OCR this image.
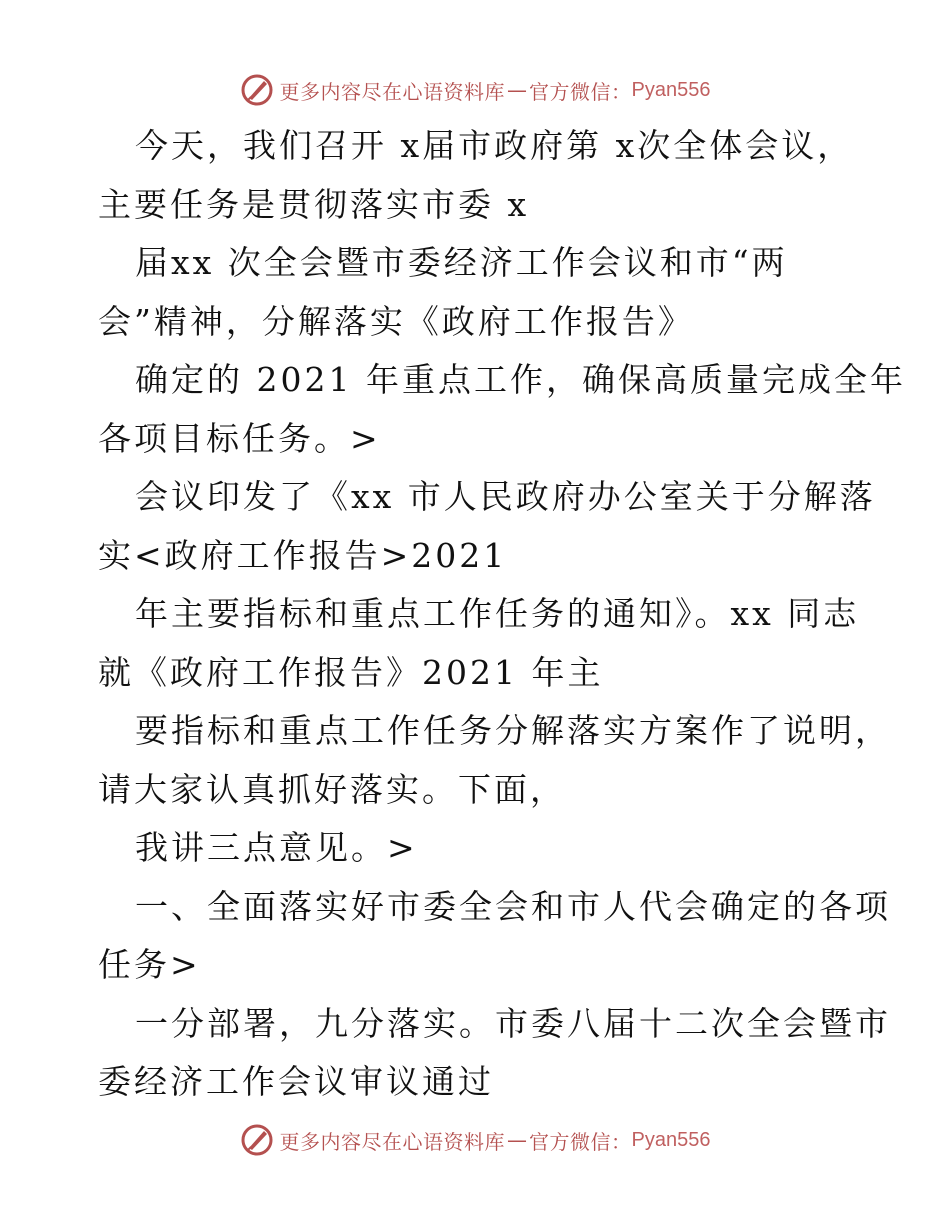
更多内容尽在心语资料库 — 官方微信： Pyan556
今天，我们召开 x届市政府第 x次全体会议，
主要任务是贯彻落实市委 x
届xx 次全会暨市委经济工作会议和市“两
会”精神，分解落实《政府工作报告》
确定的 2021 年重点工作，确保高质量完成全年
各项目标任务。>
会议印发了《xx 市人民政府办公室关于分解落
实<政府工作报告>2021
年主要指标和重点工作任务的通知》。xx 同志
就《政府工作报告》2021 年主
要指标和重点工作任务分解落实方案作了说明，
请大家认真抓好落实。下面，
我讲三点意见。>
一、全面落实好市委全会和市人代会确定的各项
任务>
一分部署，九分落实。市委八届十二次全会暨市
委经济工作会议审议通过
更多内容尽在心语资料库 — 官方微信： Pyan556
